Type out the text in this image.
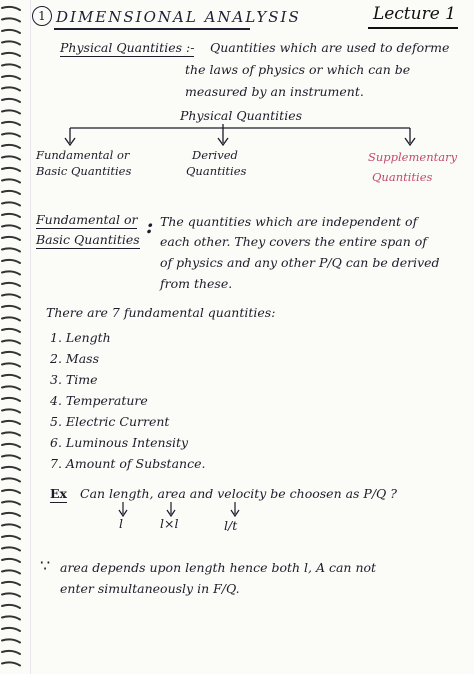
1 DIMENSIONAL ANALYSIS	Lecture 1
Physical Quantities :- Quantities which are used to deforme
the laws of physics or which can be
measured by an instrument.
Physical Quantities
Fundamental or
Basic Quantities
Derived
Quantities
Supplementary
Quantities
Fundamental or
Basic Quantities
: The quantities which are independent of
each other. They covers the entire span of
of physics and any other P/Q can be derived
from these.
There are 7 fundamental quantities:
1. Length
2. Mass
3. Time
4. Temperature
5. Electric Current
6. Luminous Intensity
7. Amount of Substance.
Ex Can length, area and velocity be choosen as P/Q ?
l	l×l	l/t
∵ area depends upon length hence both l, A can not
enter simultaneously in F/Q.
